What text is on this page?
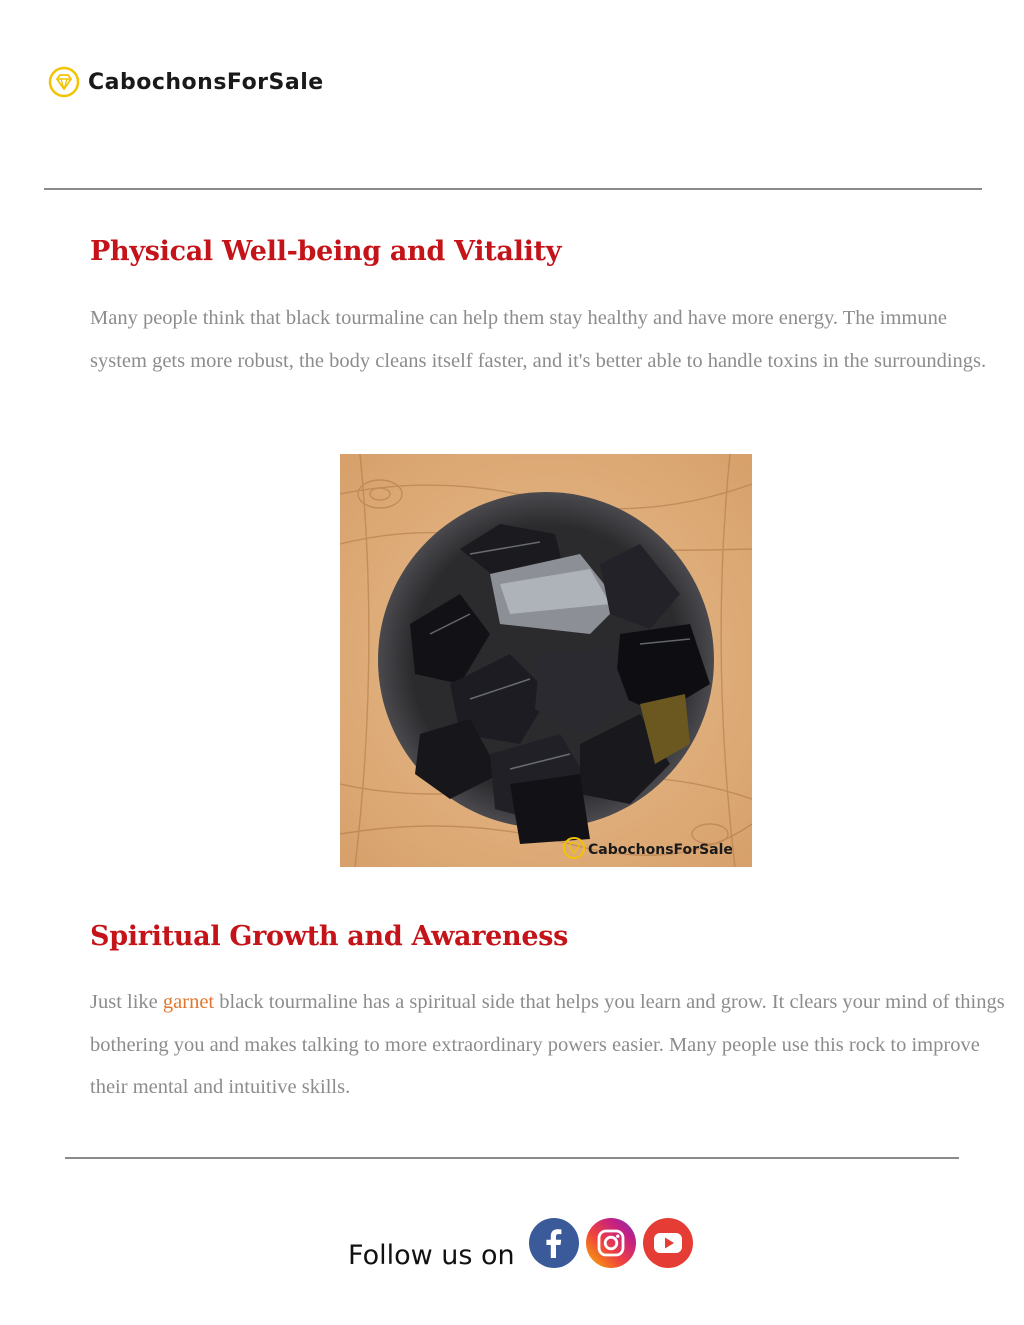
CabochonsForSale
Physical Well-being and Vitality

Many people think that black tourmaline can help them stay healthy and have more energy. The immune system gets more robust, the body cleans itself faster, and it's better able to handle toxins in the surroundings.

CabochonsForSale
Spiritual Growth and Awareness

Just like garnet black tourmaline has a spiritual side that helps you learn and grow. It clears your mind of things bothering you and makes talking to more extraordinary powers easier. Many people use this rock to improve their mental and intuitive skills.

Follow us on
